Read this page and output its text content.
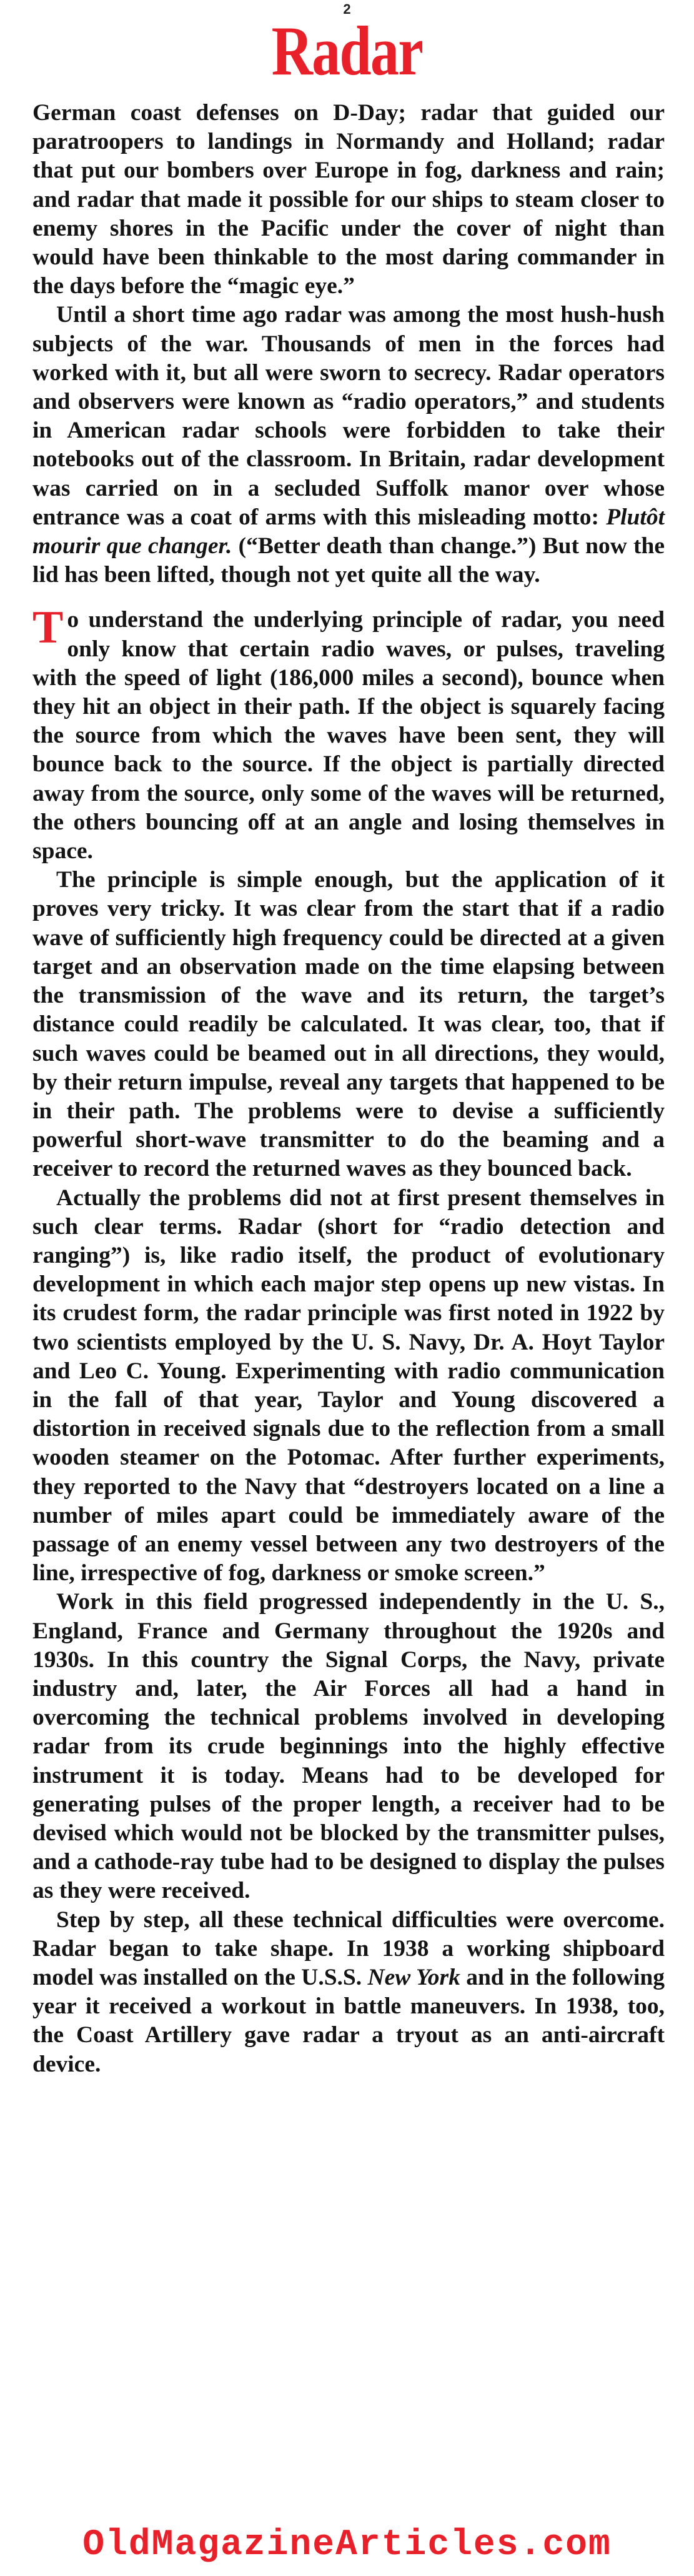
2
Radar

German coast defenses on D-Day; radar that guided our paratroopers to landings in Normandy and Holland; radar that put our bombers over Europe in fog, darkness and rain; and radar that made it possible for our ships to steam closer to enemy shores in the Pacific under the cover of night than would have been thinkable to the most daring commander in the days before the “magic eye.”

Until a short time ago radar was among the most hush-hush subjects of the war. Thousands of men in the forces had worked with it, but all were sworn to secrecy. Radar operators and observers were known as “radio operators,” and students in American radar schools were forbidden to take their notebooks out of the classroom. In Britain, radar development was carried on in a secluded Suffolk manor over whose entrance was a coat of arms with this misleading motto: Plutôt mourir que changer. (“Better death than change.”) But now the lid has been lifted, though not yet quite all the way.

To understand the underlying principle of radar, you need only know that certain radio waves, or pulses, traveling with the speed of light (186,000 miles a second), bounce when they hit an object in their path. If the object is squarely facing the source from which the waves have been sent, they will bounce back to the source. If the object is partially directed away from the source, only some of the waves will be returned, the others bouncing off at an angle and losing themselves in space.

The principle is simple enough, but the application of it proves very tricky. It was clear from the start that if a radio wave of sufficiently high frequency could be directed at a given target and an observation made on the time elapsing between the transmission of the wave and its return, the target’s distance could readily be calculated. It was clear, too, that if such waves could be beamed out in all directions, they would, by their return impulse, reveal any targets that happened to be in their path. The problems were to devise a sufficiently powerful short-wave transmitter to do the beaming and a receiver to record the returned waves as they bounced back.

Actually the problems did not at first present themselves in such clear terms. Radar (short for “radio detection and ranging”) is, like radio itself, the product of evolutionary development in which each major step opens up new vistas. In its crudest form, the radar principle was first noted in 1922 by two scientists employed by the U. S. Navy, Dr. A. Hoyt Taylor and Leo C. Young. Experimenting with radio communication in the fall of that year, Taylor and Young discovered a distortion in received signals due to the reflection from a small wooden steamer on the Potomac. After further experiments, they reported to the Navy that “destroyers located on a line a number of miles apart could be immediately aware of the passage of an enemy vessel between any two destroyers of the line, irrespective of fog, darkness or smoke screen.”

Work in this field progressed independently in the U. S., England, France and Germany throughout the 1920s and 1930s. In this country the Signal Corps, the Navy, private industry and, later, the Air Forces all had a hand in overcoming the technical problems involved in developing radar from its crude beginnings into the highly effective instrument it is today. Means had to be developed for generating pulses of the proper length, a receiver had to be devised which would not be blocked by the transmitter pulses, and a cathode-ray tube had to be designed to display the pulses as they were received.

Step by step, all these technical difficulties were overcome. Radar began to take shape. In 1938 a working shipboard model was installed on the U.S.S. New York and in the following year it received a workout in battle maneuvers. In 1938, too, the Coast Artillery gave radar a tryout as an anti-aircraft device.

OldMagazineArticles.com
